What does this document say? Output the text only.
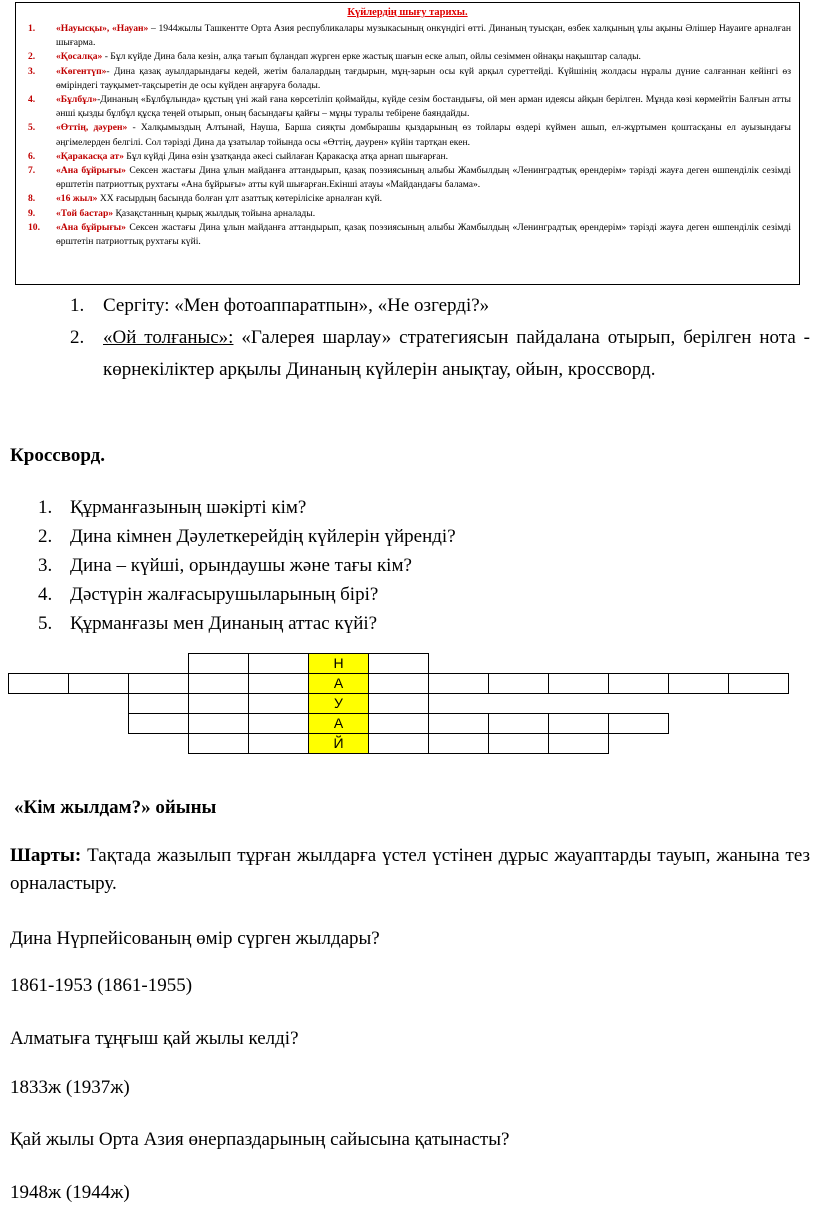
Күйлердің шығу тарихы.
1.	«Науысқы», «Науан» – 1944жылы Ташкентте Орта Азия республикалары музыкасының онкүндігі өтті. Динаның туысқан, өзбек халқының ұлы ақыны Әлішер Науаиге арналған шығарма.
2.	«Қосалқа» - Бұл күйде Дина бала кезін, алқа тағып бұландап жүрген ерке жастық шағын еске алып, ойлы сезіммен ойнақы нақыштар салады.
3.	«Көгентүп»- Дина қазақ ауылдарындағы кедей, жетім балалардың тағдырын, мұң-зарын осы күй арқыл суреттейді. Күйшінің жолдасы нұралы дүние салғаннан кейінгі өз өміріндегі тауқымет-тақсыретін де осы күйден аңғаруға болады.
4.	«Бұлбұл»-Динаның «Бұлбұлында» құстың үні жай ғана көрсетіліп қоймайды, күйде сезім бостандығы, ой мен арман идеясы айқын берілген. Мұнда көзі көрмейтін Балғын атты әнші қызды бұлбұл құсқа теңей отырып, оның басындағы қайғы – мұңы туралы тебірене баяндайды.
5.	«Өттің, дәурен» - Халқымыздың Алтынай, Науша, Барша сияқты домбырашы қыздарының өз тойлары өздері күймен ашып, ел-жұртымен қоштасқаны ел ауызындағы әңгімелерден белгілі. Сол тәрізді Дина да ұзатылар тойында осы «Өттің, дәурен» күйін тартқан екен.
6.	«Қаракасқа ат» Бұл күйді Дина өзін ұзатқанда әкесі сыйлаған Қаракасқа атқа арнап шығарған.
7.	«Ана бұйрығы» Сексен жастағы Дина ұлын майданға аттандырып, қазақ поэзиясының алыбы Жамбылдың «Ленинградтық өрендерім» тәрізді жауға деген өшпенділік сезімді өрштетін патриоттық рухтағы «Ана бұйрығы» атты күй шығарған.Екінші атауы «Майдандағы балама».
8.	«16 жыл» XX ғасырдың басында болған ұлт азаттық көтерілісіке арналған күй.
9.	«Той бастар» Қазақстанның қырық жылдық тойына арналады.
10.	«Ана бұйрығы» Сексен жастағы Дина ұлын майданға аттандырып, қазақ поэзиясының алыбы Жамбылдың «Ленинградтық өрендерім» тәрізді жауға деген өшпенділік сезімді өрштетін патриоттық рухтағы күйі.
1. Сергіту: «Мен фотоаппаратпын», «Не озгерді?»
2. «Ой толғаныс»: «Галерея шарлау» стратегиясын пайдалана отырып, берілген нота - көрнекіліктер арқылы Динаның күйлерін анықтау, ойын, кроссворд.
Кроссворд.
1. Құрманғазының шәкірті кім?
2. Дина кімнен Дәулеткерейдің күйлерін үйренді?
3. Дина – күйші, орындаушы және тағы кім?
4. Дәстүрін жалғасырушыларының бірі?
5. Құрманғазы мен Динаның аттас күйі?
Н
А
У
А
Й
«Кім жылдам?» ойыны
Шарты: Тақтада жазылып тұрған жылдарға үстел үстінен дұрыс жауаптарды тауып, жанына тез орналастыру.
Дина Нүрпейісованың өмір сүрген жылдары?
1861-1953 (1861-1955)
Алматыға тұңғыш қай жылы келді?
1833ж (1937ж)
Қай жылы Орта Азия өнерпаздарының сайысына қатынасты?
1948ж (1944ж)
